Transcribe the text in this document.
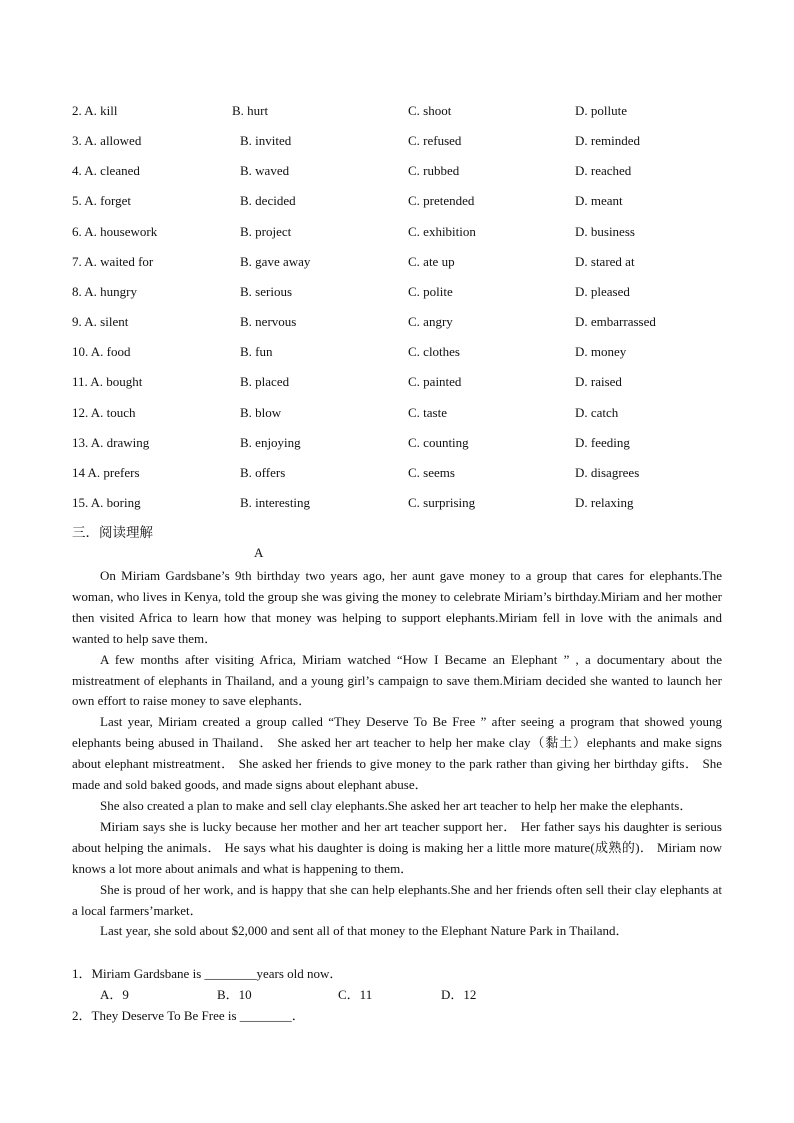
2. A. kill	B. hurt	C. shoot	D. pollute
3. A. allowed	B. invited	C. refused	D. reminded
4. A. cleaned	B. waved	C. rubbed	D. reached
5. A. forget	B. decided	C. pretended	D. meant
6. A. housework	B. project	C. exhibition	D. business
7. A. waited for	B. gave away	C. ate up	D. stared at
8. A. hungry	B. serious	C. polite	D. pleased
9. A. silent	B. nervous	C. angry	D. embarrassed
10. A. food	B. fun	C. clothes	D. money
11. A. bought	B. placed	C. painted	D. raised
12. A. touch	B. blow	C. taste	D. catch
13. A. drawing	B. enjoying	C. counting	D. feeding
14 A. prefers	B. offers	C. seems	D. disagrees
15. A. boring	B. interesting	C. surprising	D. relaxing
三．阅读理解
A

On Miriam Gardsbane’s 9th birthday two years ago, her aunt gave money to a group that cares for elephants.The woman, who lives in Kenya, told the group she was giving the money to celebrate Miriam’s birthday.Miriam and her mother then visited Africa to learn how that money was helping to support elephants.Miriam fell in love with the animals and wanted to help save them．

A few months after visiting Africa, Miriam watched “How I Became an Elephant ” , a documentary about the mistreatment of elephants in Thailand, and a young girl’s campaign to save them.Miriam decided she wanted to launch her own effort to raise money to save elephants．

Last year, Miriam created a group called “They Deserve To Be Free ” after seeing a program that showed young elephants being abused in Thailand． She asked her art teacher to help her make clay（黏土）elephants and make signs about elephant mistreatment． She asked her friends to give money to the park rather than giving her birthday gifts． She made and sold baked goods, and made signs about elephant abuse．

She also created a plan to make and sell clay elephants.She asked her art teacher to help her make the elephants．

Miriam says she is lucky because her mother and her art teacher support her． Her father says his daughter is serious about helping the animals． He says what his daughter is doing is making her a little more mature(成熟的)． Miriam now knows a lot more about animals and what is happening to them．

She is proud of her work, and is happy that she can help elephants.She and her friends often sell their clay elephants at a local farmers’market．

Last year, she sold about $2,000 and sent all of that money to the Elephant Nature Park in Thailand．

1．Miriam Gardsbane is ________years old now．
A．9	B．10	C．11	D．12
2．They Deserve To Be Free is ________．
